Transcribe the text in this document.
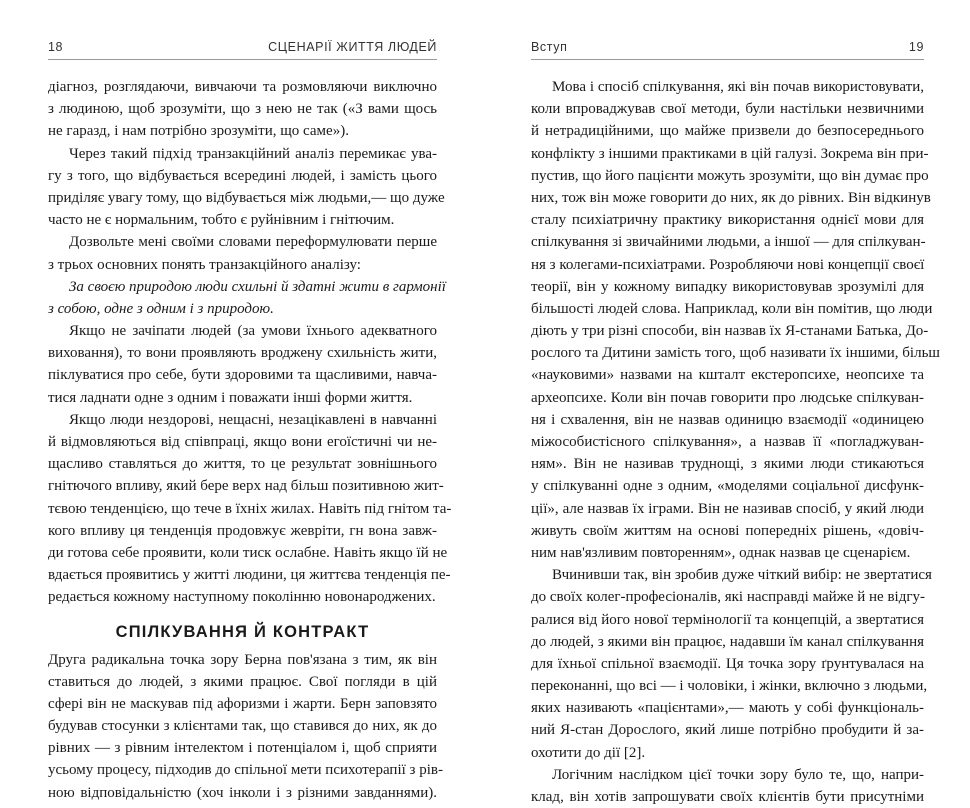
18	СЦЕНАРІЇ ЖИТТЯ ЛЮДЕЙ
діагноз, розглядаючи, вивчаючи та розмовляючи виключно
з людиною, щоб зрозуміти, що з нею не так («З вами щось
не гаразд, і нам потрібно зрозуміти, що саме»).
Через такий підхід транзакційний аналіз перемикає ува-
гу з того, що відбувається всередині людей, і замість цього
приділяє увагу тому, що відбувається між людьми,— що дуже
часто не є нормальним, тобто є руйнівним і гнітючим.
Дозвольте мені своїми словами переформулювати перше
з трьох основних понять транзакційного аналізу:
За своєю природою люди схильні й здатні жити в гармонії
з собою, одне з одним і з природою.
Якщо не зачіпати людей (за умови їхнього адекватного
виховання), то вони проявляють вроджену схильність жити,
піклуватися про себе, бути здоровими та щасливими, навча-
тися ладнати одне з одним і поважати інші форми життя.
Якщо люди нездорові, нещасні, незацікавлені в навчанні
й відмовляються від співпраці, якщо вони егоїстичні чи не-
щасливо ставляться до життя, то це результат зовнішнього
гнітючого впливу, який бере верх над більш позитивною жит-
тєвою тенденцією, що тече в їхніх жилах. Навіть під гнітом та-
кого впливу ця тенденція продовжує жевріти, гн вона завж-
ди готова себе проявити, коли тиск ослабне. Навіть якщо їй не
вдається проявитись у житті людини, ця життєва тенденція пе-
редається кожному наступному поколінню новонароджених.
СПІЛКУВАННЯ Й КОНТРАКТ
Друга радикальна точка зору Берна пов'язана з тим, як він
ставиться до людей, з якими працює. Свої погляди в цій
сфері він не маскував під афоризми і жарти. Берн заповзято
будував стосунки з клієнтами так, що ставився до них, як до
рівних — з рівним інтелектом і потенціалом і, щоб сприяти
усьому процесу, підходив до спільної мети психотерапії з рів-
ною відповідальністю (хоч інколи і з різними завданнями).
Вступ	19
Мова і спосіб спілкування, які він почав використовувати,
коли впроваджував свої методи, були настільки незвичними
й нетрадиційними, що майже призвели до безпосереднього
конфлікту з іншими практиками в цій галузі. Зокрема він при-
пустив, що його пацієнти можуть зрозуміти, що він думає про
них, тож він може говорити до них, як до рівних. Він відкинув
сталу психіатричну практику використання однієї мови для
спілкування зі звичайними людьми, а іншої — для спілкуван-
ня з колегами-психіатрами. Розробляючи нові концепції своєї
теорії, він у кожному випадку використовував зрозумілі для
більшості людей слова. Наприклад, коли він помітив, що люди
діють у три різні способи, він назвав їх Я-станами Батька, До-
рослого та Дитини замість того, щоб називати їх іншими, більш
«науковими» назвами на кшталт екстеропсихе, неопсихе та
археопсихе. Коли він почав говорити про людське спілкуван-
ня і схвалення, він не назвав одиницю взаємодії «одиницею
міжособистісного спілкування», а назвав її «погладжуван-
ням». Він не називав труднощі, з якими люди стикаються
у спілкуванні одне з одним, «моделями соціальної дисфунк-
ції», але назвав їх іграми. Він не називав спосіб, у який люди
живуть своїм життям на основі попередніх рішень, «довіч-
ним нав'язливим повторенням», однак назвав це сценарієм.
Вчинивши так, він зробив дуже чіткий вибір: не звертатися
до своїх колег-професіоналів, які насправді майже й не відгу-
ралися від його нової термінології та концепцій, а звертатися
до людей, з якими він працює, надавши їм канал спілкування
для їхньої спільної взаємодії. Ця точка зору ґрунтувалася на
переконанні, що всі — і чоловіки, і жінки, включно з людьми,
яких називають «пацієнтами»,— мають у собі функціональ-
ний Я-стан Дорослого, який лише потрібно пробудити й за-
охотити до дії [2].
Логічним наслідком цієї точки зору було те, що, напри-
клад, він хотів запрошувати своїх клієнтів бути присутніми
